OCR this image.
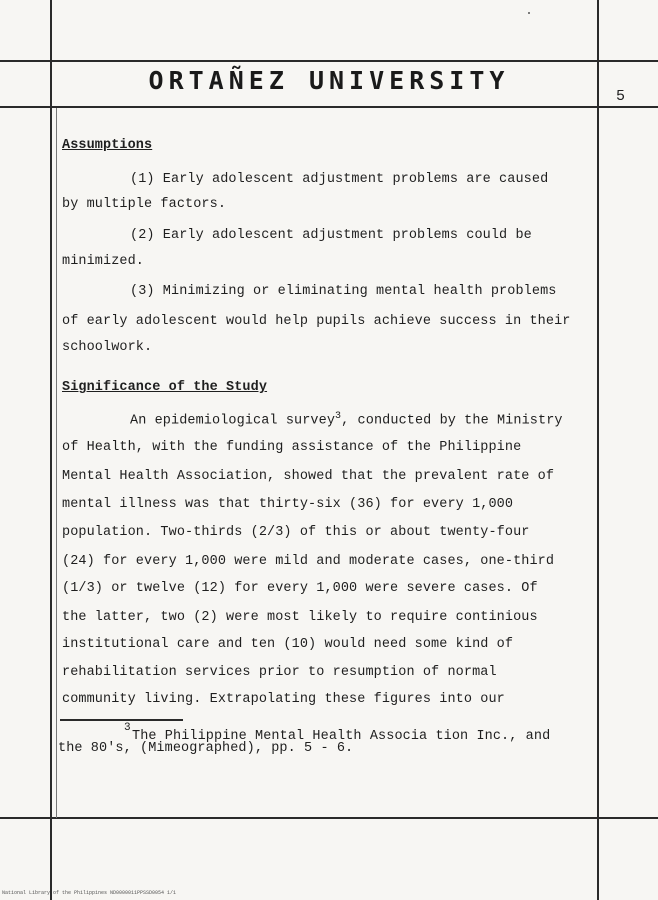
ORTAÑEZ UNIVERSITY
5
Assumptions
(1) Early adolescent adjustment problems are caused
by multiple factors.
(2) Early adolescent adjustment problems could be
minimized.
(3) Minimizing or eliminating mental health problems
of early adolescent would help pupils achieve success in their
schoolwork.
Significance of the Study
An epidemiological survey$^3$, conducted by the Ministry
of Health, with the funding assistance of the Philippine
Mental Health Association, showed that the prevalent rate of
mental illness was that thirty-six (36) for every 1,000
population. Two-thirds (2/3) of this or about twenty-four
(24) for every 1,000 were mild and moderate cases, one-third
(1/3) or twelve (12) for every 1,000 were severe cases. Of
the latter, two (2) were most likely to require continious
institutional care and ten (10) would need some kind of
rehabilitation services prior to resumption of normal
community living. Extrapolating these figures into our
3
The Philippine Mental Health Associa tion Inc., and
the 80's, (Mimeographed), pp. 5 - 6.
National Library of the Philippines ND0000011PPSSD0054 1/1
